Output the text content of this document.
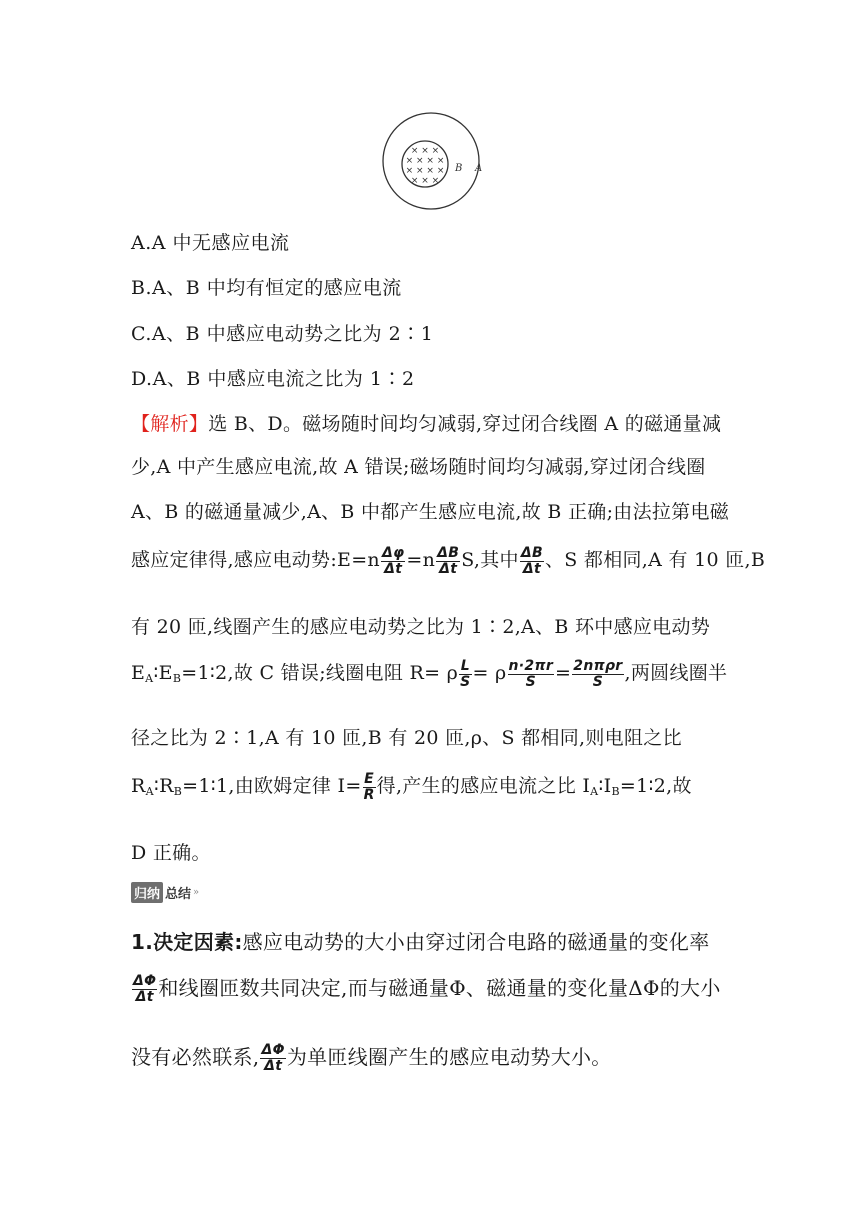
× × ×
× × × ×
× × × ×
× × ×
B A
A.A 中无感应电流
B.A、B 中均有恒定的感应电流
C.A、B 中感应电动势之比为 2∶1
D.A、B 中感应电流之比为 1∶2
【解析】选 B、D。磁场随时间均匀减弱,穿过闭合线圈 A 的磁通量减
少,A 中产生感应电流,故 A 错误;磁场随时间均匀减弱,穿过闭合线圈
A、B 的磁通量减少,A、B 中都产生感应电流,故 B 正确;由法拉第电磁
感应定律得,感应电动势:E=n $\frac{\Delta\varphi}{\Delta t} =n \frac{\Delta B}{\Delta t} S$,其中 $\frac{\Delta B}{\Delta t}$ 、S 都相同,A 有 10 匝,B
有 20 匝,线圈产生的感应电动势之比为 1∶2,A、B 环中感应电动势
$E_A∶E_B=1∶2$,故 C 错误;线圈电阻 R= ρ $\frac{L}{S} = \rho \frac{n\cdot 2\pi r}{S} = \frac{\text{2nπρr}}{S}$ ,两圆线圈半
径之比为 2∶1,A 有 10 匝,B 有 20 匝,ρ、S 都相同,则电阻之比
$R_A∶R_B=1∶1$,由欧姆定律 $I= \frac{E}{R}$ 得,产生的感应电流之比 $I_A∶I_B=1∶2$,故
D 正确。
归纳 总结 »
1.决定因素:感应电动势的大小由穿过闭合电路的磁通量的变化率
$\frac{\Delta\Phi}{\Delta t}$ 和线圈匝数共同决定,而与磁通量Φ、磁通量的变化量ΔΦ的大小
没有必然联系, $\frac{\Delta\Phi}{\Delta t}$ 为单匝线圈产生的感应电动势大小。
